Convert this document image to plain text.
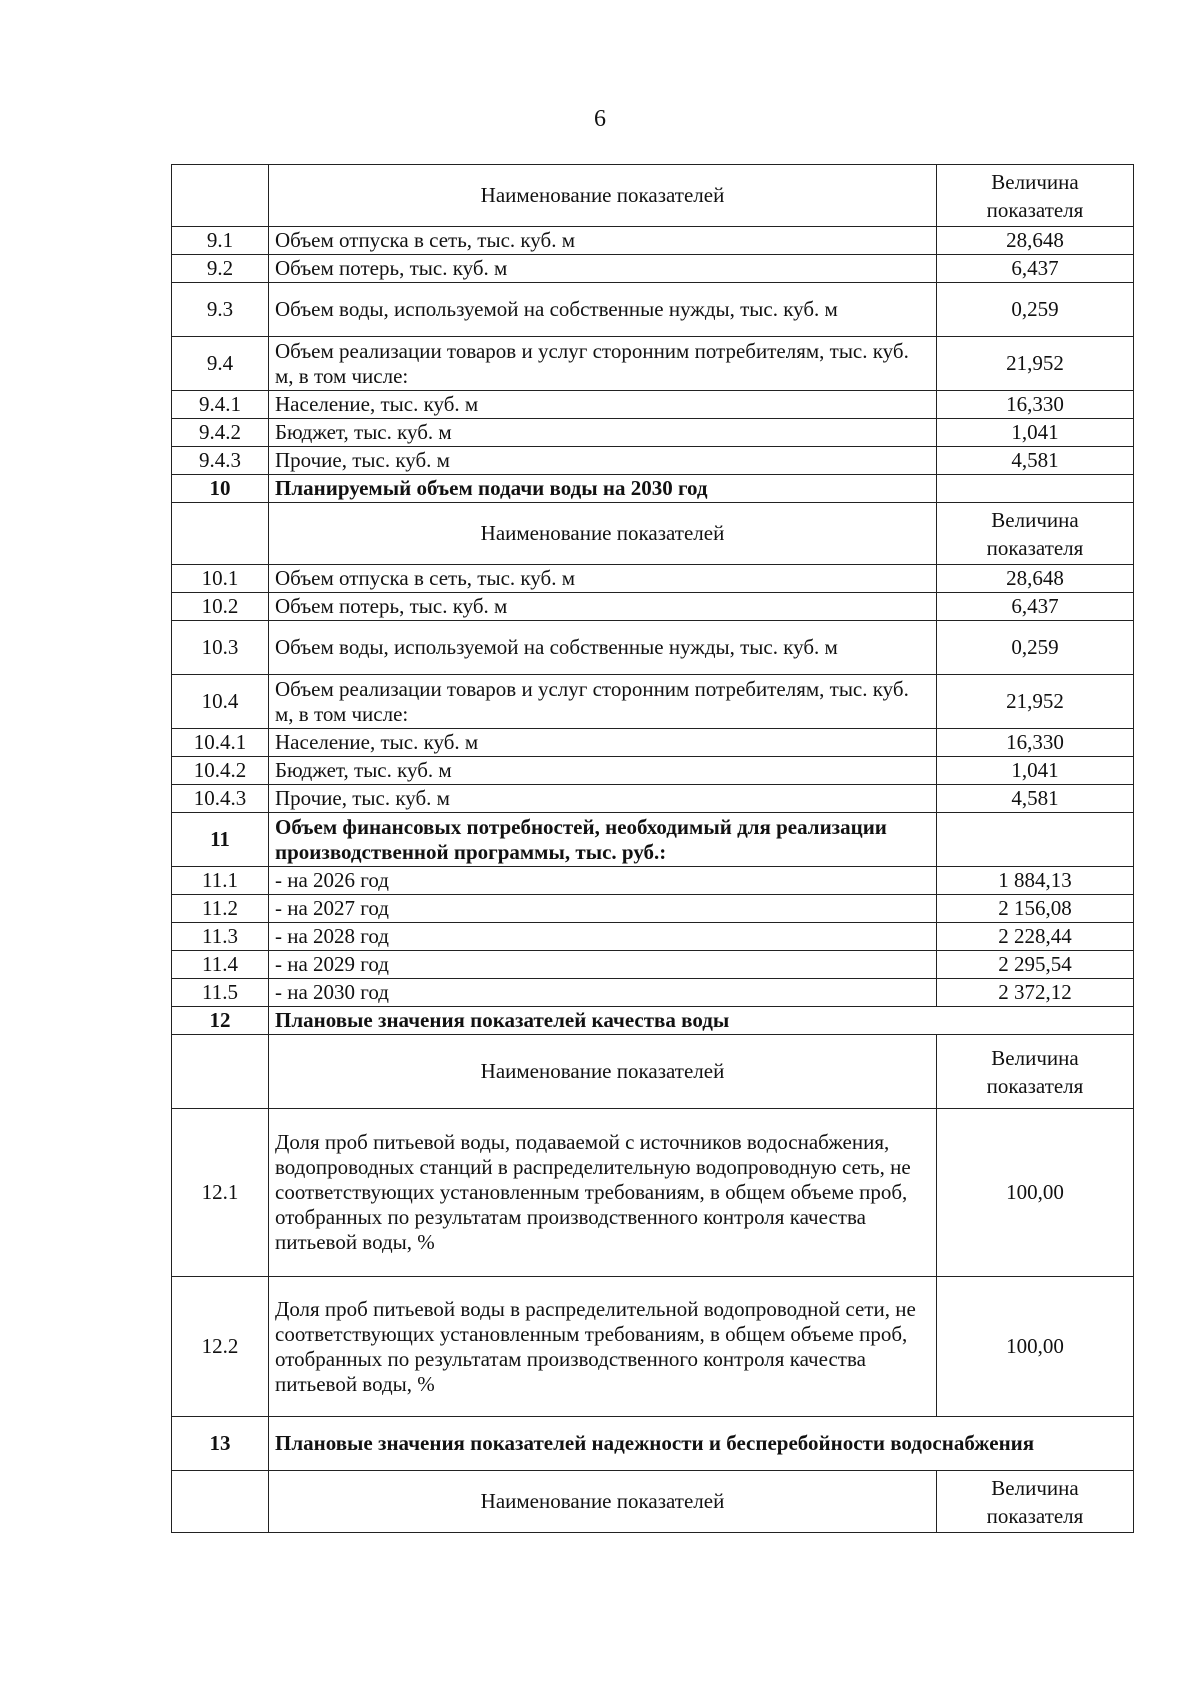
6
	Наименование показателей	Величина показателя
9.1	Объем отпуска в сеть, тыс. куб. м	28,648
9.2	Объем потерь, тыс. куб. м	6,437
9.3	Объем воды, используемой на собственные нужды, тыс. куб. м	0,259
9.4	Объем реализации товаров и услуг сторонним потребителям, тыс. куб. м, в том числе:	21,952
9.4.1	Население, тыс. куб. м	16,330
9.4.2	Бюджет, тыс. куб. м	1,041
9.4.3	Прочие, тыс. куб. м	4,581
10	Планируемый объем подачи воды на 2030 год	
	Наименование показателей	Величина показателя
10.1	Объем отпуска в сеть, тыс. куб. м	28,648
10.2	Объем потерь, тыс. куб. м	6,437
10.3	Объем воды, используемой на собственные нужды, тыс. куб. м	0,259
10.4	Объем реализации товаров и услуг сторонним потребителям, тыс. куб. м, в том числе:	21,952
10.4.1	Население, тыс. куб. м	16,330
10.4.2	Бюджет, тыс. куб. м	1,041
10.4.3	Прочие, тыс. куб. м	4,581
11	Объем финансовых потребностей, необходимый для реализации производственной программы, тыс. руб.:	
11.1	- на 2026 год	1 884,13
11.2	- на 2027 год	2 156,08
11.3	- на 2028 год	2 228,44
11.4	- на 2029 год	2 295,54
11.5	- на 2030 год	2 372,12
12	Плановые значения показателей качества воды	
	Наименование показателей	Величина показателя
12.1	Доля проб питьевой воды, подаваемой с источников водоснабжения, водопроводных станций в распределительную водопроводную сеть, не соответствующих установленным требованиям, в общем объеме проб, отобранных по результатам производственного контроля качества питьевой воды, %	100,00
12.2	Доля проб питьевой воды в распределительной водопроводной сети, не соответствующих установленным требованиям, в общем объеме проб, отобранных по результатам производственного контроля качества питьевой воды, %	100,00
13	Плановые значения показателей надежности и бесперебойности водоснабжения	
	Наименование показателей	Величина показателя
